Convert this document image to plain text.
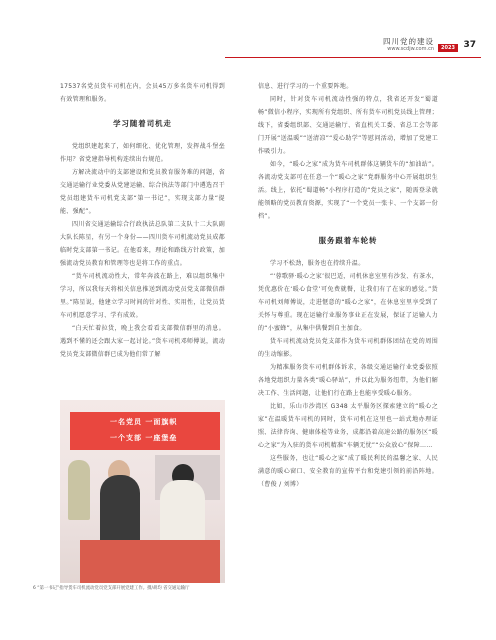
四川党的建设
www.scdjw.com.cn	2023 37

17537名党员货车司机在内，会员45万多名货车司机得到有效管理和服务。

学习随着司机走

党组织建起来了，如何细化、优化管理，发挥战斗堡垒作用？省党建指导机构连续出台规范。

方解决流动中的支部建设和党员教育服务难的问题，省交通运输行业党委从党建运输、综合执法等部门中遴选召干党员组建货车司机党支部“第一书记”，实现支部力量“提能、强配”。

四川省交通运输综合行政执法总队第二支队十二大队副大队长陈星，有另一个身份——四川货车司机流动党员成都临时党支部第一书记。在他看来，理论和路线方针政策，加强流动党员教育和管理等也是将工作的重点。

“货车司机流动性大，常年奔波在路上，难以组织集中学习，所以我每天将相关信息推送到流动党员党支部微信群里。”陈星说，他建立学习时间的针对性、实用性，让党员货车司机愿意学习、学有成效。

“白天忙着拉货，晚上我会看看支部微信群里的消息。遇到不懂的还会跟大家一起讨论。”货车司机邓师傅说，流动党员党支部微信群已成为他们常了解

一名党员 一面旗帜
一个支部 一座堡垒
6 “第一书记”指导货车司机流动党员党支部开展党建工作。摄/胡均 省交通运输厅

信息、进行学习的一个重要阵地。

同时，针对货车司机流动性强的特点，我省还开发“蜀道畅”微信小程序，实现所有党组织、所有货车司机党员线上管理；线下，省委组织部、交通运输厅、省直机关工委、省总工会等部门开展“送温暖”“送清凉”“爱心助学”等慰问活动，增加了党建工作吸引力。

如今，“暖心之家”成为货车司机群体这辆货车的“加油站”。各流动党支部可在任意一个“暖心之家”党群服务中心开展组织生活。线上，依托“蜀道畅”小程序打造的“党员之家”，随需登录就能领略的党员教育资源，实现了“一个党员一张卡、一个支部一份档”。

服务跟着车轮转

学习不松劲，服务也在持续升温。

“‘蓉歌驿·暖心之家’很巴适，司机休息室里有沙发、有茶水，凭优惠价在‘暖心食堂’可免费就餐，让我们有了在家的感觉。”货车司机刘师傅说，走进惬意的“暖心之家”，在休息室里享受到了关怀与尊重。现在运输行业服务事业正在发展，保证了运输人力的“小蜜蜂”，从集中供餐到自主加食。

货车司机流动党员党支部作为货车司机群体团结在党的周围的生动缩影。

为精准服务货车司机群体诉求，各级交通运输行业党委依照各地党组织力量各类“暖心驿站”，并以此为服务纽带，为他们解决工作、生活问题，让他们行在路上也能享受暖心服务。

比如，乐山市沙湾区 G348 太平服务区探索建立的“暖心之家”在温暖货车司机的同时，货车司机在这里也一站式地办理证照、法律咨询、健康体检等业务，成都沿着高速公路的服务区“暖心之家”为入驻的货车司机精准“车辆无忧”“公众放心”保障……

这些服务，也让“暖心之家”成了暖民利民的温馨之家、人民满意的暖心窗口、安全教育的宣传平台和党建引领的前沿阵地。（曹俊 / 刘博）
